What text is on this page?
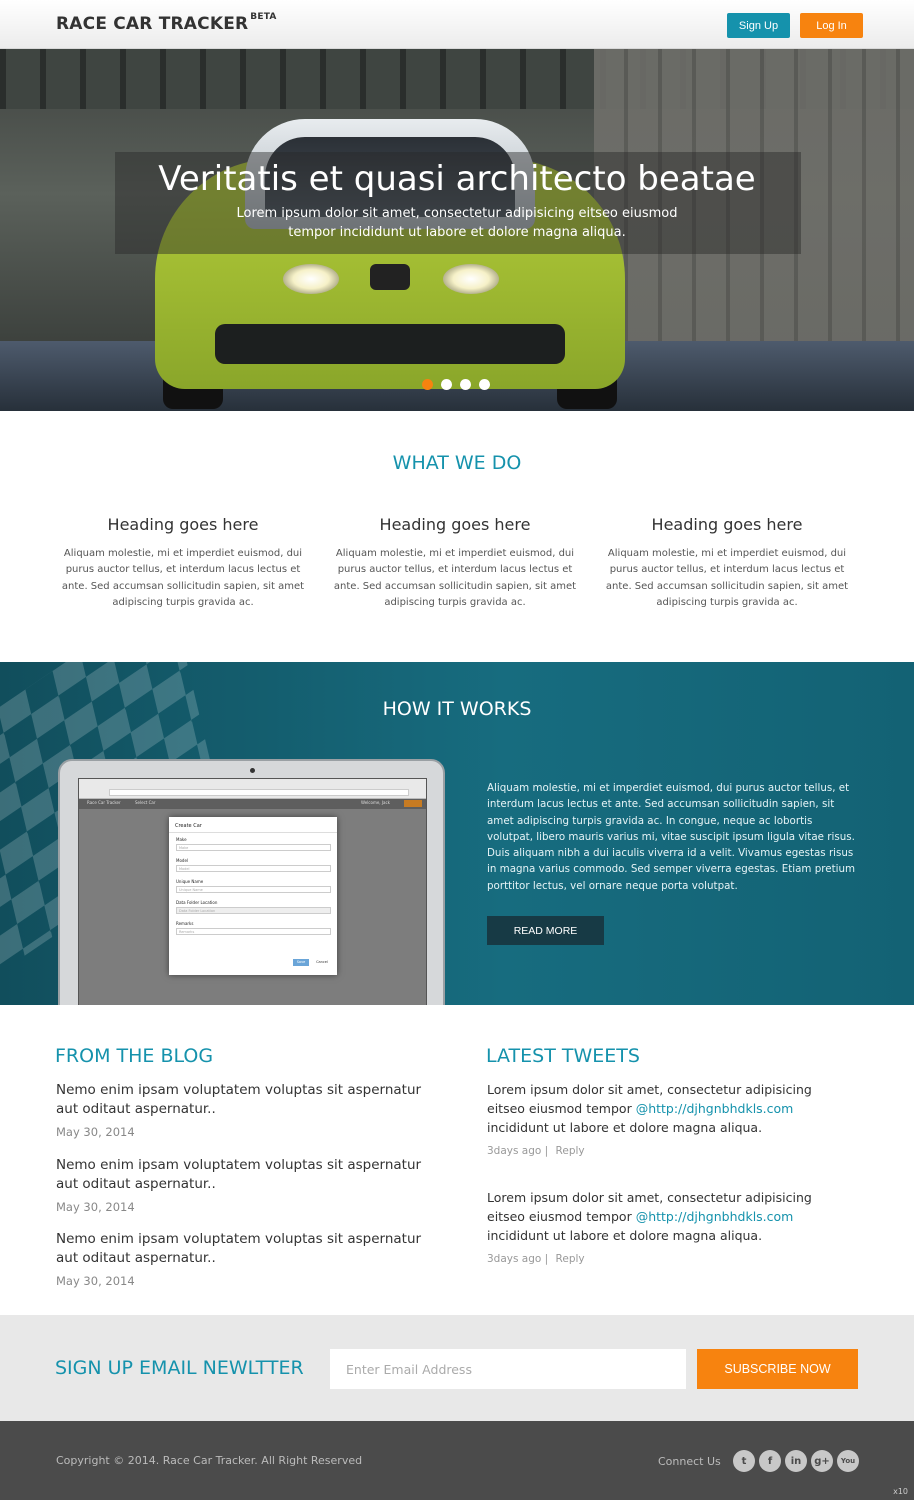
RACE CAR TRACKER $^{BETA}$
Sign Up	Log In
Veritatis et quasi architecto beatae
Lorem ipsum dolor sit amet, consectetur adipisicing eitseo eiusmod tempor incididunt ut labore et dolore magna aliqua.
WHAT WE DO
Heading goes here

Aliquam molestie, mi et imperdiet euismod, dui purus auctor tellus, et interdum lacus lectus et ante. Sed accumsan sollicitudin sapien, sit amet adipiscing turpis gravida ac.

Heading goes here

Aliquam molestie, mi et imperdiet euismod, dui purus auctor tellus, et interdum lacus lectus et ante. Sed accumsan sollicitudin sapien, sit amet adipiscing turpis gravida ac.

Heading goes here

Aliquam molestie, mi et imperdiet euismod, dui purus auctor tellus, et interdum lacus lectus et ante. Sed accumsan sollicitudin sapien, sit amet adipiscing turpis gravida ac.

HOW IT WORKS
Race Car Tracker	Select Car	Welcome, Jack
Create Car
Make
Make
Model
Model
Unique Name
Unique Name
Data Folder Location
Data Folder Location
Remarks
Remarks
Save	Cancel
Aliquam molestie, mi et imperdiet euismod, dui purus auctor tellus, et interdum lacus lectus et ante. Sed accumsan sollicitudin sapien, sit amet adipiscing turpis gravida ac. In congue, neque ac lobortis volutpat, libero mauris varius mi, vitae suscipit ipsum ligula vitae risus. Duis aliquam nibh a dui iaculis viverra id a velit. Vivamus egestas risus in magna varius commodo. Sed semper viverra egestas. Etiam pretium porttitor lectus, vel ornare neque porta volutpat.
READ MORE
FROM THE BLOG
Nemo enim ipsam voluptatem voluptas sit aspernatur aut oditaut aspernatur..
May 30, 2014
Nemo enim ipsam voluptatem voluptas sit aspernatur aut oditaut aspernatur..
May 30, 2014
Nemo enim ipsam voluptatem voluptas sit aspernatur aut oditaut aspernatur..
May 30, 2014
LATEST TWEETS
Lorem ipsum dolor sit amet, consectetur adipisicing eitseo eiusmod tempor @http://djhgnbhdkls.com incididunt ut labore et dolore magna aliqua.
3days ago | Reply
Lorem ipsum dolor sit amet, consectetur adipisicing eitseo eiusmod tempor @http://djhgnbhdkls.com incididunt ut labore et dolore magna aliqua.
3days ago | Reply
SIGN UP EMAIL NEWLTTER
Enter Email Address	SUBSCRIBE NOW
Copyright © 2014. Race Car Tracker. All Right Reserved	Connect Us	t	f	in	g+	You
x10
